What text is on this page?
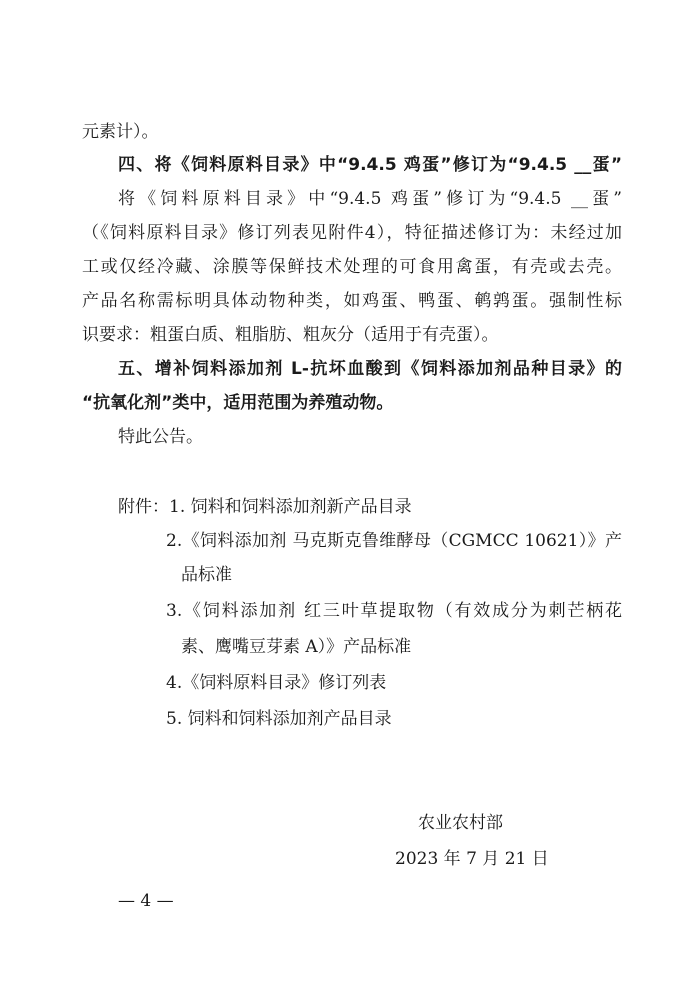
元素计）。
四、将《饲料原料目录》中“9.4.5 鸡蛋”修订为“9.4.5 __蛋”
将《饲料原料目录》中“9.4.5 鸡蛋”修订为“9.4.5 __蛋”
（《饲料原料目录》修订列表见附件4），特征描述修订为：未经过加
工或仅经冷藏、涂膜等保鲜技术处理的可食用禽蛋，有壳或去壳。
产品名称需标明具体动物种类，如鸡蛋、鸭蛋、鹌鹑蛋。强制性标
识要求：粗蛋白质、粗脂肪、粗灰分（适用于有壳蛋）。
五、增补饲料添加剂 L-抗坏血酸到《饲料添加剂品种目录》的
“抗氧化剂”类中，适用范围为养殖动物。
特此公告。
附件：1. 饲料和饲料添加剂新产品目录
2.《饲料添加剂 马克斯克鲁维酵母（CGMCC 10621）》产
品标准
3.《饲料添加剂 红三叶草提取物（有效成分为刺芒柄花
素、鹰嘴豆芽素 A）》产品标准
4.《饲料原料目录》修订列表
5. 饲料和饲料添加剂产品目录
农业农村部
2023 年 7 月 21 日
— 4 —
